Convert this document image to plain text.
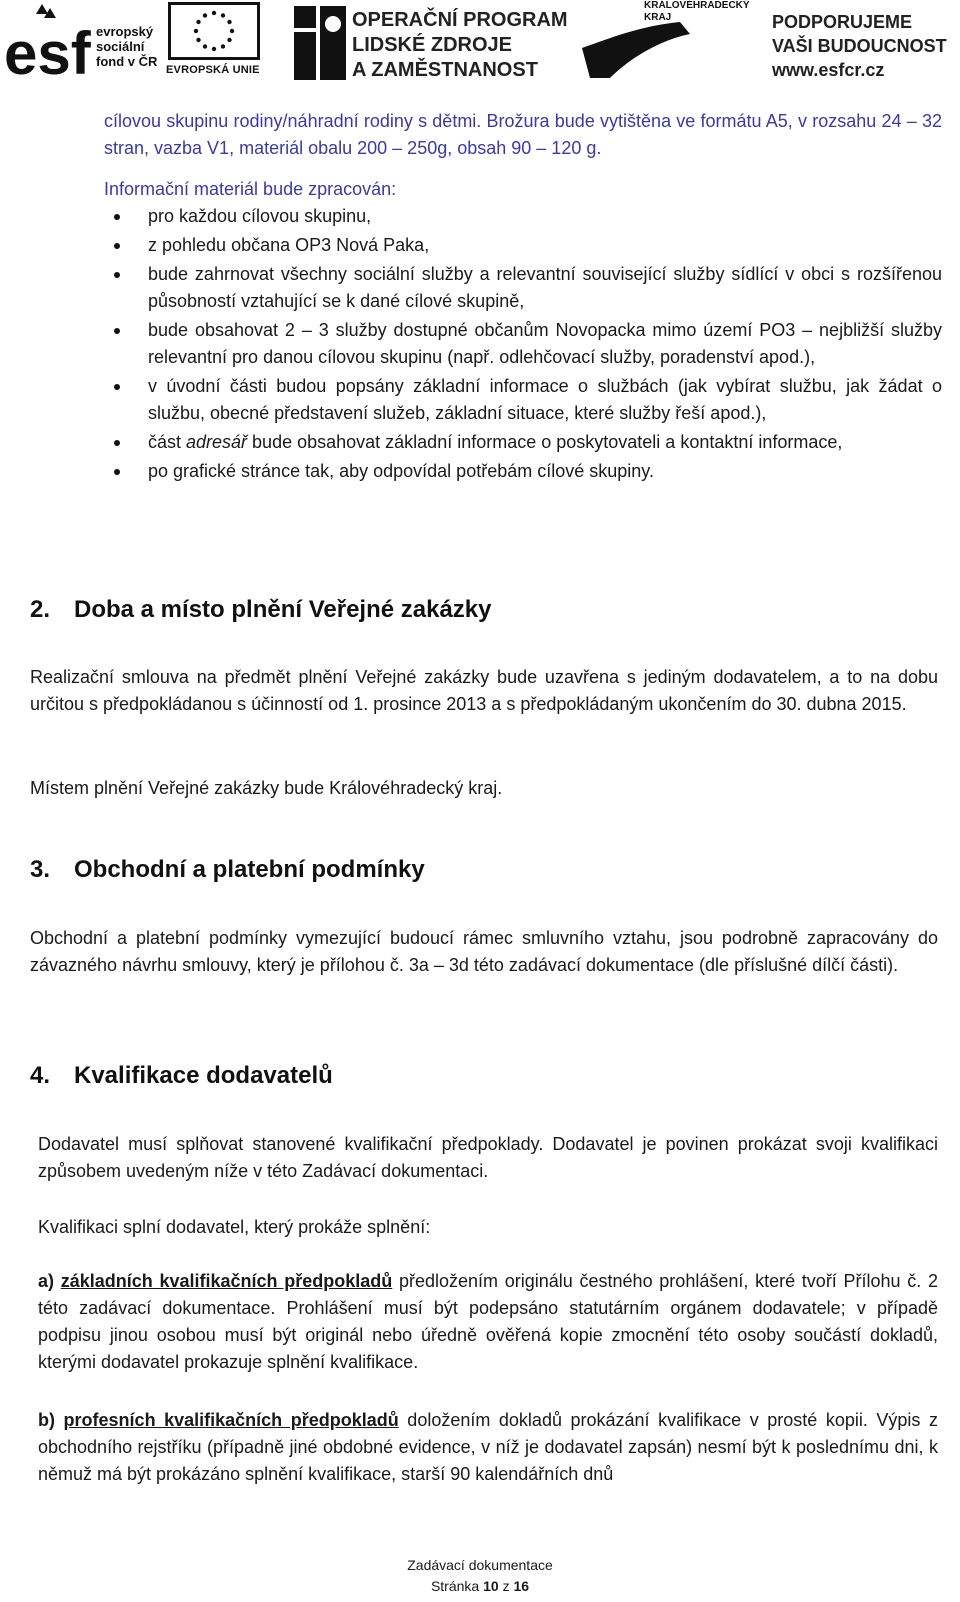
esf evropský
sociální
fond v ČR
EVROPSKÁ UNIE
OPERAČNÍ PROGRAM
LIDSKÉ ZDROJE
A ZAMĚSTNANOST
KRÁLOVÉHRADECKÝ
KRAJ	PODPORUJEME
VAŠI BUDOUCNOST
www.esfcr.cz
cílovou skupinu rodiny/náhradní rodiny s dětmi. Brožura bude vytištěna ve formátu A5, v rozsahu 24 – 32 stran, vazba V1, materiál obalu 200 – 250g, obsah 90 – 120 g.
Informační materiál bude zpracován:
pro každou cílovou skupinu,
z pohledu občana OP3 Nová Paka,
bude zahrnovat všechny sociální služby a relevantní související služby sídlící v obci s rozšířenou působností vztahující se k dané cílové skupině,
bude obsahovat 2 – 3 služby dostupné občanům Novopacka mimo území PO3 – nejbližší služby relevantní pro danou cílovou skupinu (např. odlehčovací služby, poradenství apod.),
v úvodní části budou popsány základní informace o službách (jak vybírat službu, jak žádat o službu, obecné představení služeb, základní situace, které služby řeší apod.),
část adresář bude obsahovat základní informace o poskytovateli a kontaktní informace,
po grafické stránce tak, aby odpovídal potřebám cílové skupiny.
2. Doba a místo plnění Veřejné zakázky
Realizační smlouva na předmět plnění Veřejné zakázky bude uzavřena s jediným dodavatelem, a to na dobu určitou s předpokládanou s účinností od 1. prosince 2013 a s předpokládaným ukončením do 30. dubna 2015.
Místem plnění Veřejné zakázky bude Královéhradecký kraj.
3. Obchodní a platební podmínky
Obchodní a platební podmínky vymezující budoucí rámec smluvního vztahu, jsou podrobně zapracovány do závazného návrhu smlouvy, který je přílohou č. 3a – 3d této zadávací dokumentace (dle příslušné dílčí části).
4. Kvalifikace dodavatelů
Dodavatel musí splňovat stanovené kvalifikační předpoklady. Dodavatel je povinen prokázat svoji kvalifikaci způsobem uvedeným níže v této Zadávací dokumentaci.
Kvalifikaci splní dodavatel, který prokáže splnění:
a) základních kvalifikačních předpokladů předložením originálu čestného prohlášení, které tvoří Přílohu č. 2 této zadávací dokumentace. Prohlášení musí být podepsáno statutárním orgánem dodavatele; v případě podpisu jinou osobou musí být originál nebo úředně ověřená kopie zmocnění této osoby součástí dokladů, kterými dodavatel prokazuje splnění kvalifikace.
b) profesních kvalifikačních předpokladů doložením dokladů prokázání kvalifikace v prosté kopii. Výpis z obchodního rejstříku (případně jiné obdobné evidence, v níž je dodavatel zapsán) nesmí být k poslednímu dni, k němuž má být prokázáno splnění kvalifikace, starší 90 kalendářních dnů
Zadávací dokumentace
Stránka 10 z 16
